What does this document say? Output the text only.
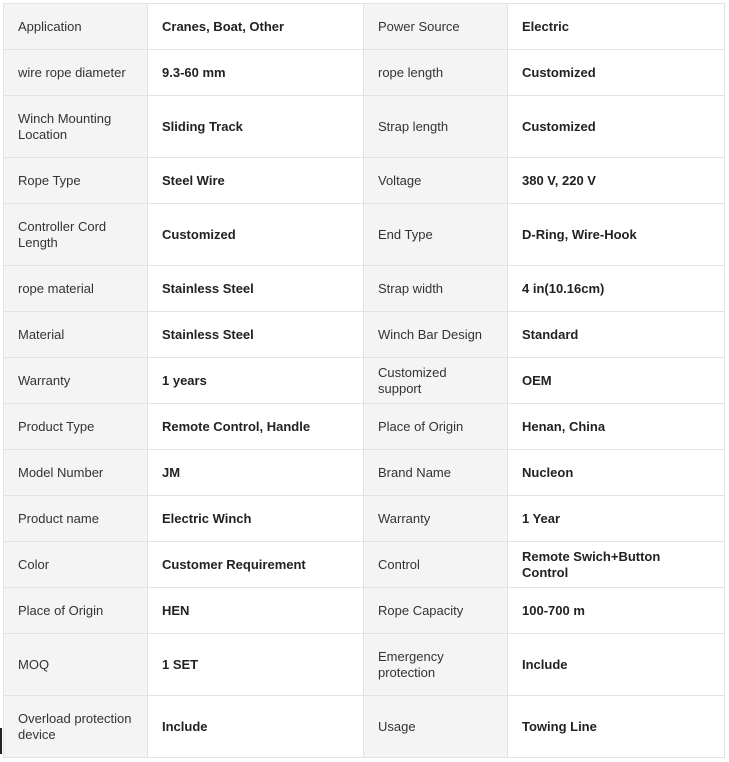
Application	Cranes, Boat, Other	Power Source	Electric
wire rope diameter	9.3-60 mm	rope length	Customized
Winch Mounting Location	Sliding Track	Strap length	Customized
Rope Type	Steel Wire	Voltage	380 V, 220 V
Controller Cord Length	Customized	End Type	D-Ring, Wire-Hook
rope material	Stainless Steel	Strap width	4 in(10.16cm)
Material	Stainless Steel	Winch Bar Design	Standard
Warranty	1 years	Customized support	OEM
Product Type	Remote Control, Handle	Place of Origin	Henan, China
Model Number	JM	Brand Name	Nucleon
Product name	Electric Winch	Warranty	1 Year
Color	Customer Requirement	Control	Remote Swich+Button Control
Place of Origin	HEN	Rope Capacity	100-700 m
MOQ	1 SET	Emergency protection	Include
Overload protection device	Include	Usage	Towing Line
